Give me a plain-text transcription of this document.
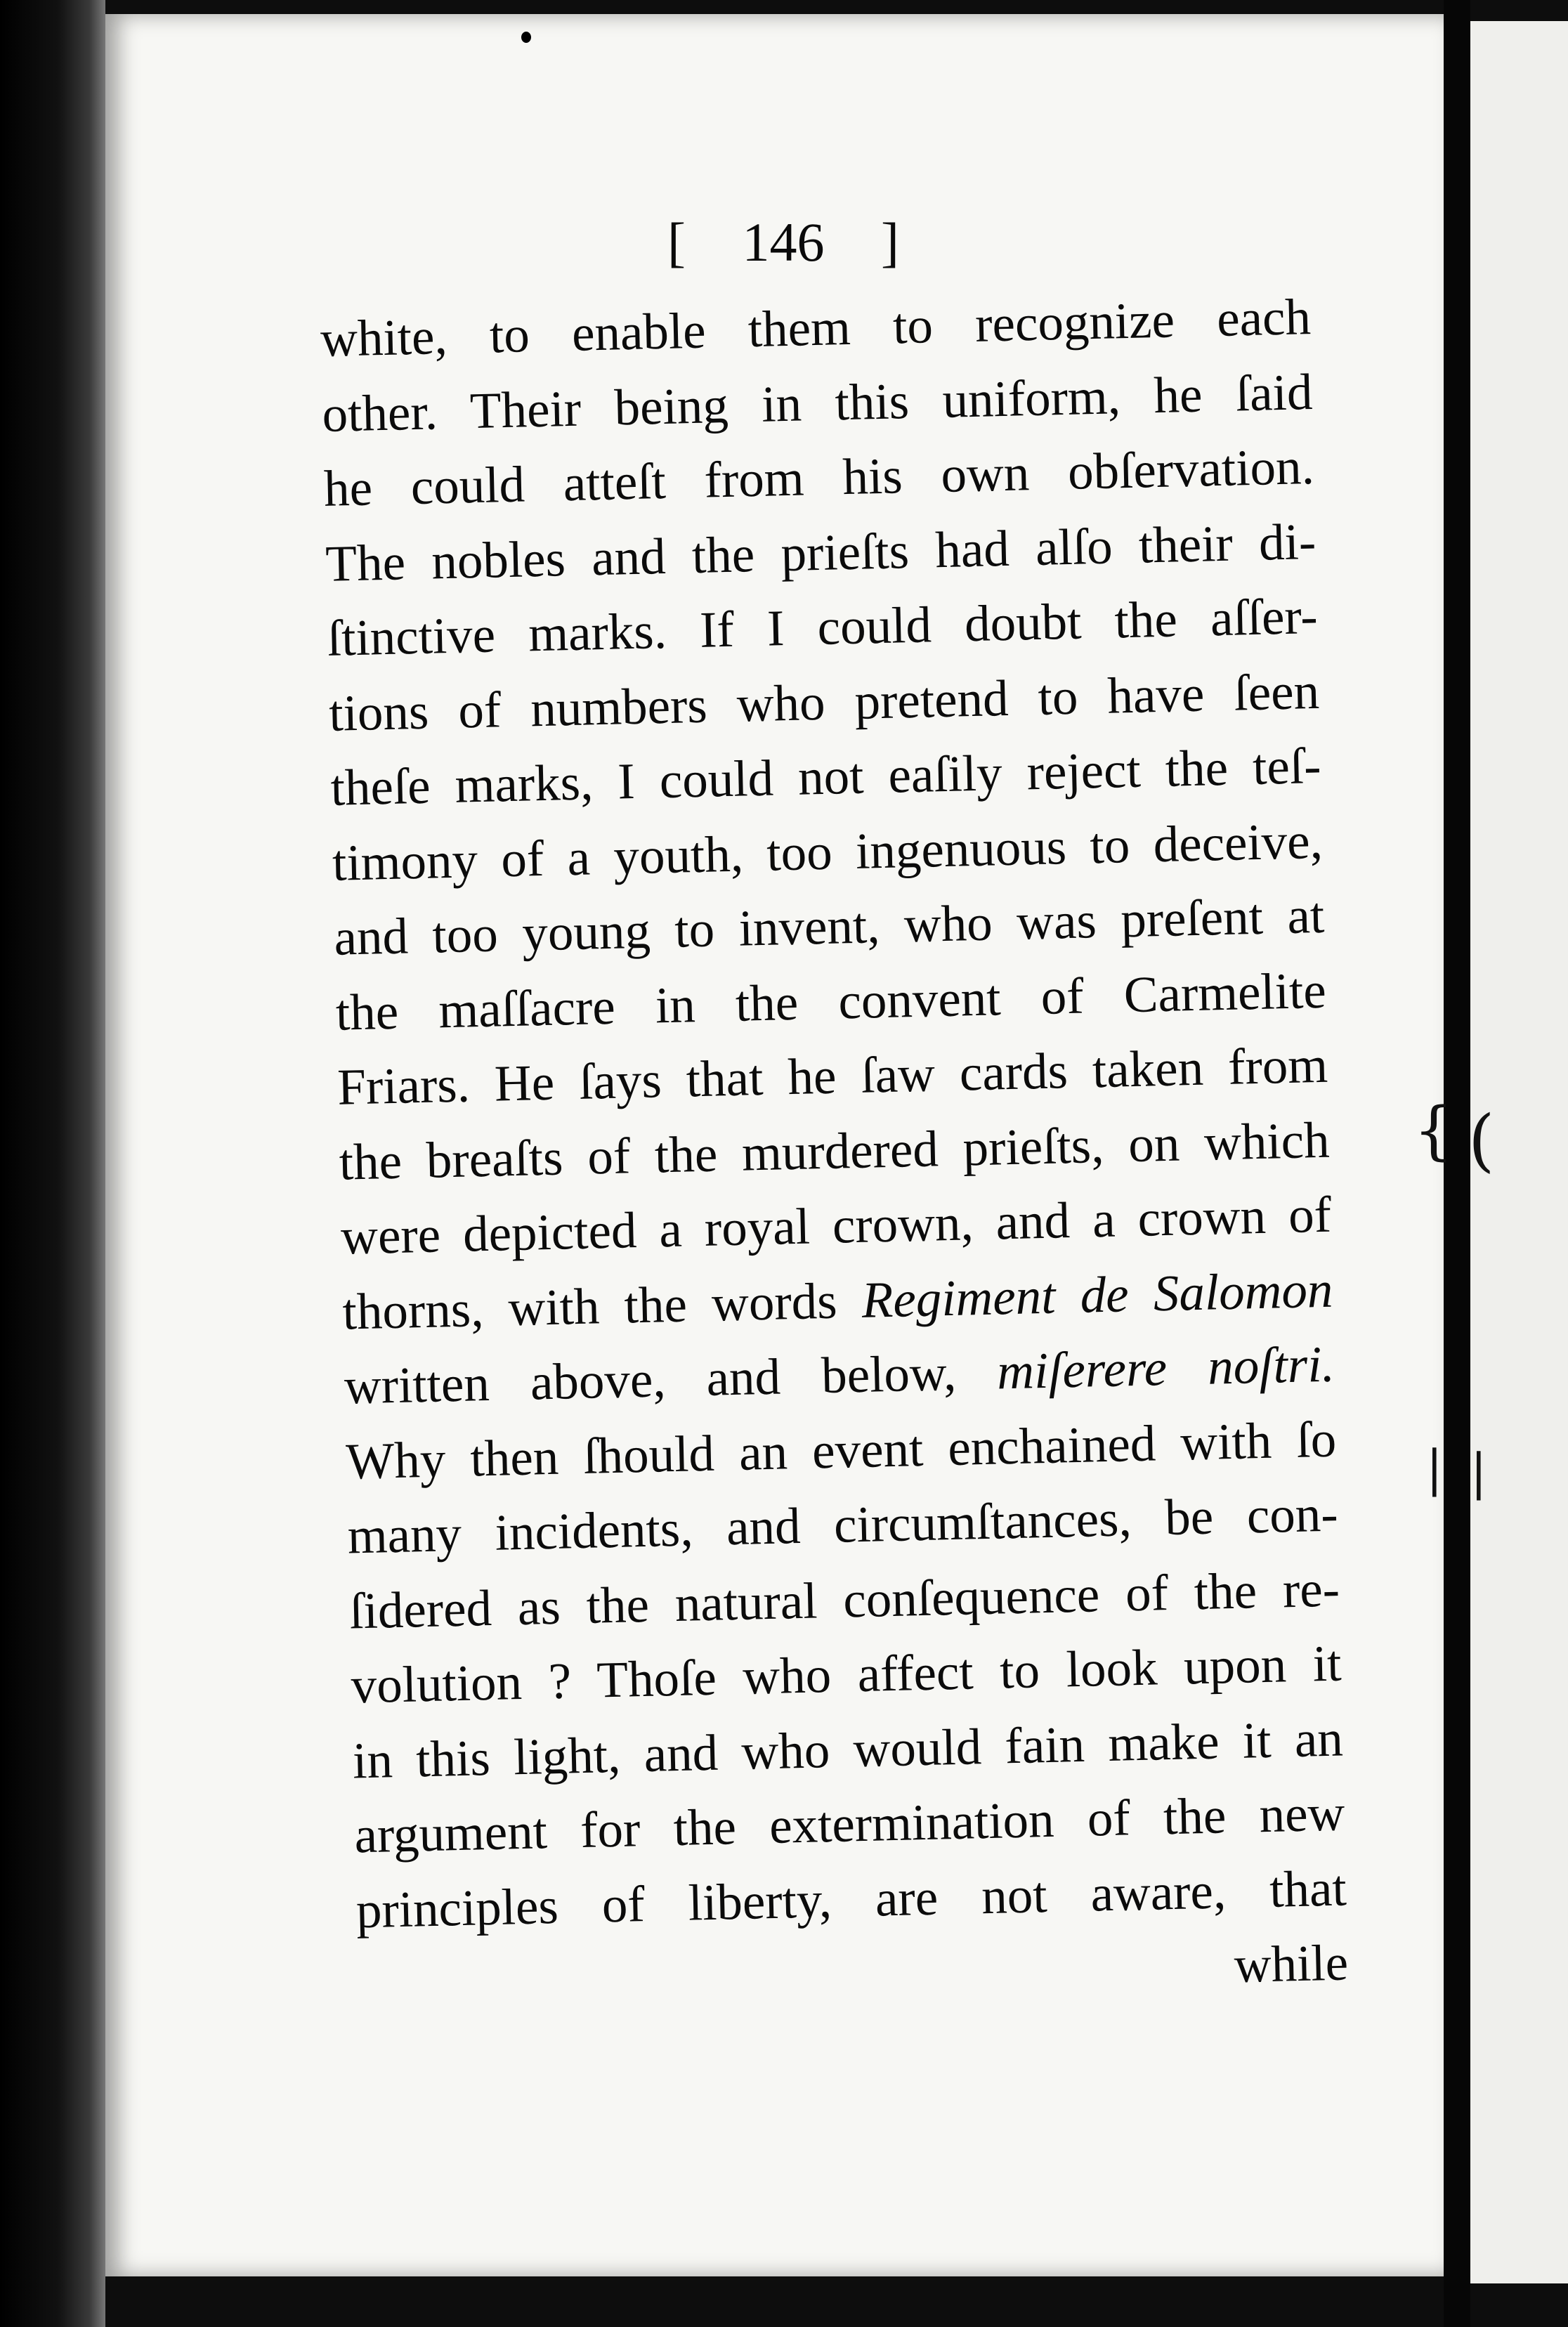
{ (
| |
[ 146 ]
white, to enable them to recognize each
other. Their being in this uniform, he ſaid
he could atteſt from his own obſervation.
The nobles and the prieſts had alſo their di-
ſtinctive marks. If I could doubt the aſſer-
tions of numbers who pretend to have ſeen
theſe marks, I could not eaſily reject the teſ-
timony of a youth, too ingenuous to deceive,
and too young to invent, who was preſent at
the maſſacre in the convent of Carmelite
Friars. He ſays that he ſaw cards taken from
the breaſts of the murdered prieſts, on which
were depicted a royal crown, and a crown of
thorns, with the words Regiment de Salomon
written above, and below, miſerere noſtri.
Why then ſhould an event enchained with ſo
many incidents, and circumſtances, be con-
ſidered as the natural conſequence of the re-
volution ? Thoſe who affect to look upon it
in this light, and who would fain make it an
argument for the extermination of the new
principles of liberty, are not aware, that
while
